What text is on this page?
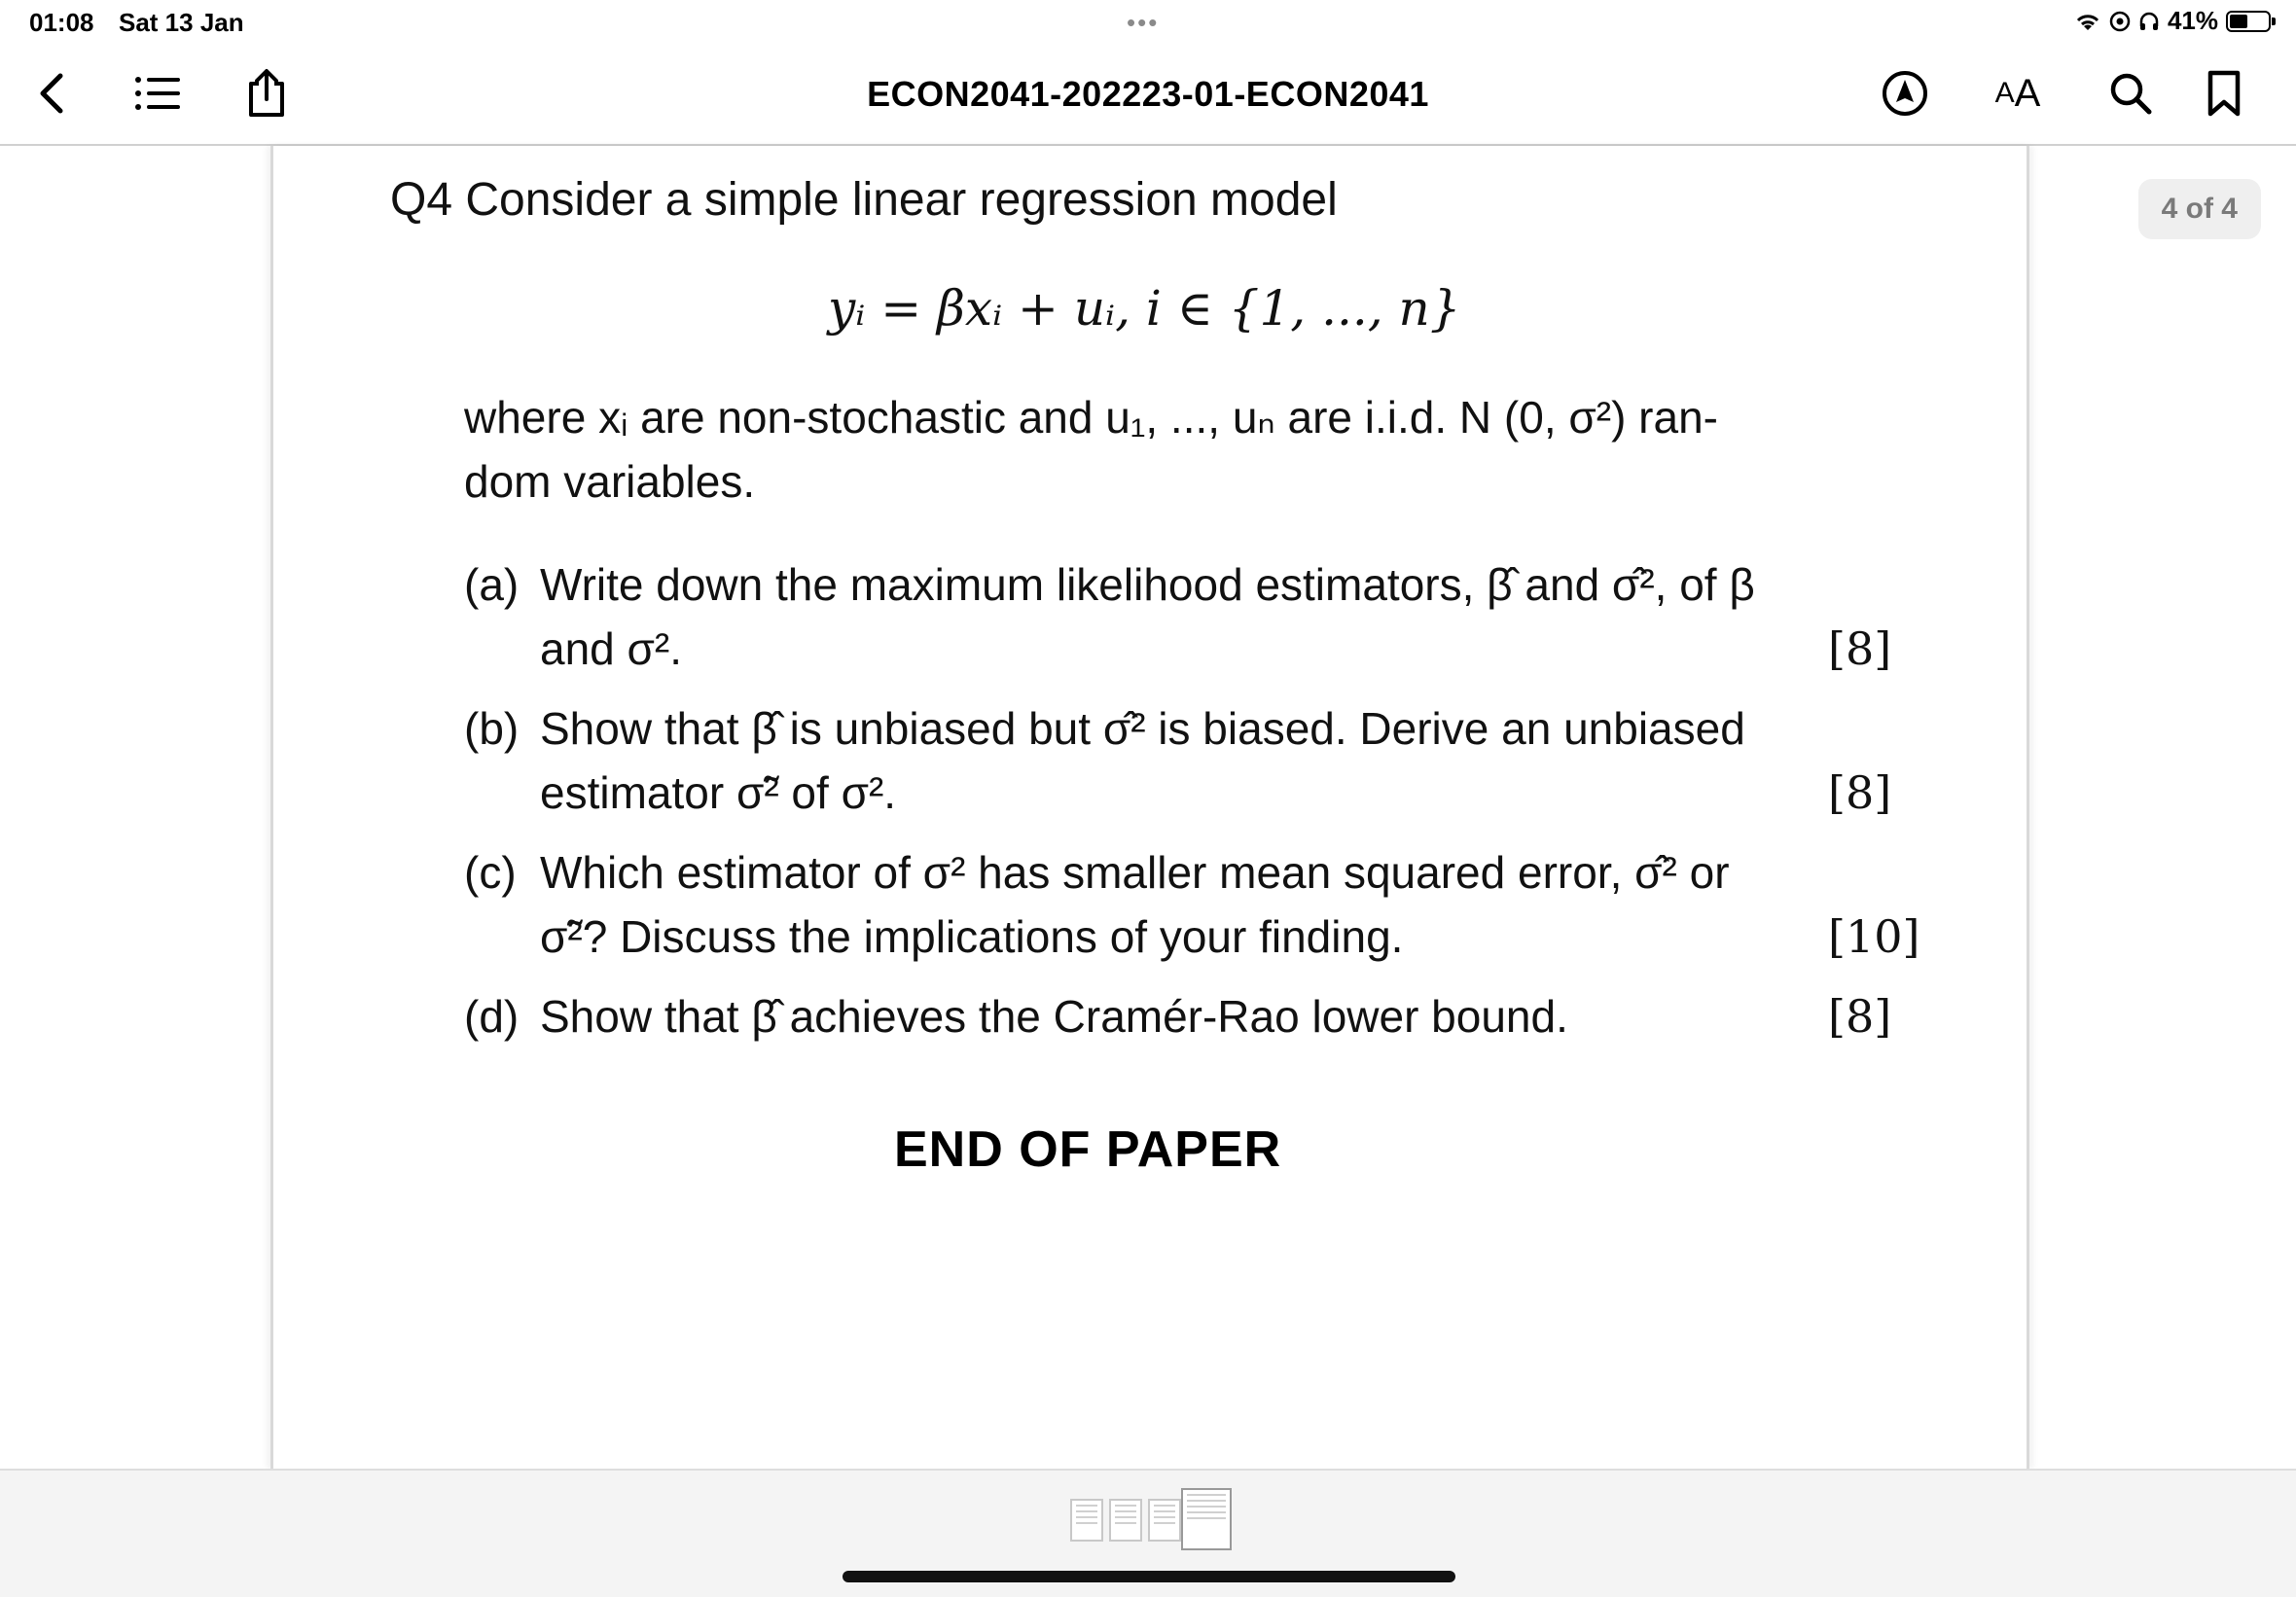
01:08 Sat 13 Jan	•••	41%
ECON2041-202223-01-ECON2041	A A
Q4 Consider a simple linear regression model
yᵢ = βxᵢ + uᵢ, i ∈ {1, ..., n}
where xᵢ are non-stochastic and u₁, ..., uₙ are i.i.d. N (0, σ²) ran-
dom variables.
(a) Write down the maximum likelihood estimators, β̂ and σ̂², of β
and σ².	[8]
(b) Show that β̂ is unbiased but σ̂² is biased. Derive an unbiased
estimator σ̃² of σ².	[8]
(c) Which estimator of σ² has smaller mean squared error, σ̂² or
σ̃²? Discuss the implications of your finding.	[10]
(d) Show that β̂ achieves the Cramér-Rao lower bound.	[8]
END OF PAPER
4 of 4
